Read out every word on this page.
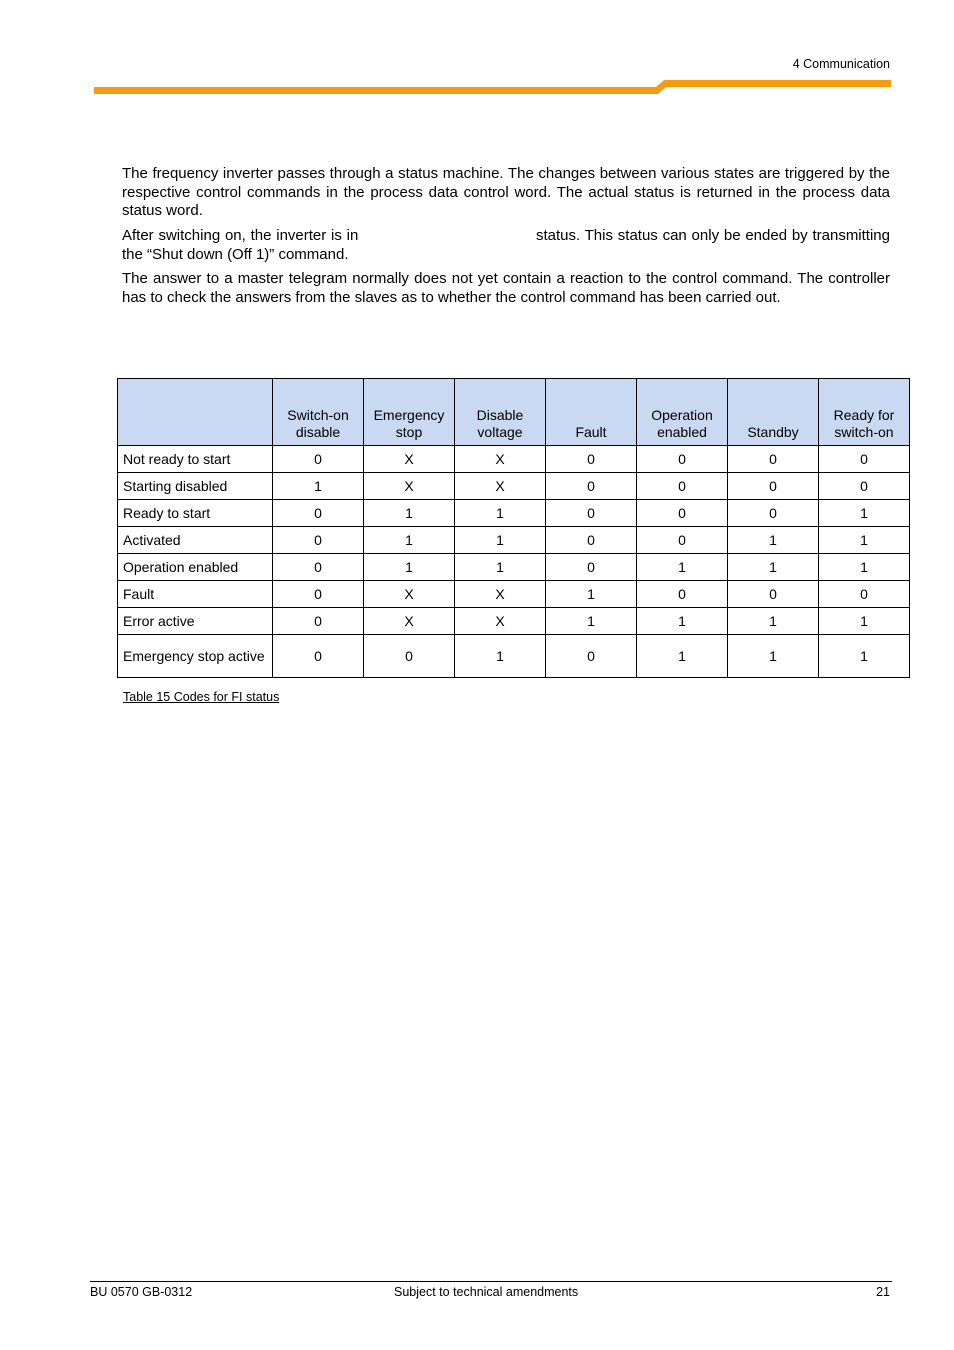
4 Communication

The frequency inverter passes through a status machine. The changes between various states are triggered by the respective control commands in the process data control word. The actual status is returned in the process data status word.

After switching on, the inverter is in	status. This status can only be ended by transmitting the “Shut down (Off 1)” command.

The answer to a master telegram normally does not yet contain a reaction to the control command. The controller has to check the answers from the slaves as to whether the control command has been carried out.

	Switch-on disable	Emergency stop	Disable voltage	Fault	Operation enabled	Standby	Ready for switch-on
Not ready to start	0	X	X	0	0	0	0
Starting disabled	1	X	X	0	0	0	0
Ready to start	0	1	1	0	0	0	1
Activated	0	1	1	0	0	1	1
Operation enabled	0	1	1	0	1	1	1
Fault	0	X	X	1	0	0	0
Error active	0	X	X	1	1	1	1
Emergency stop active	0	0	1	0	1	1	1
Table 15 Codes for FI status
BU 0570 GB-0312	Subject to technical amendments	21
